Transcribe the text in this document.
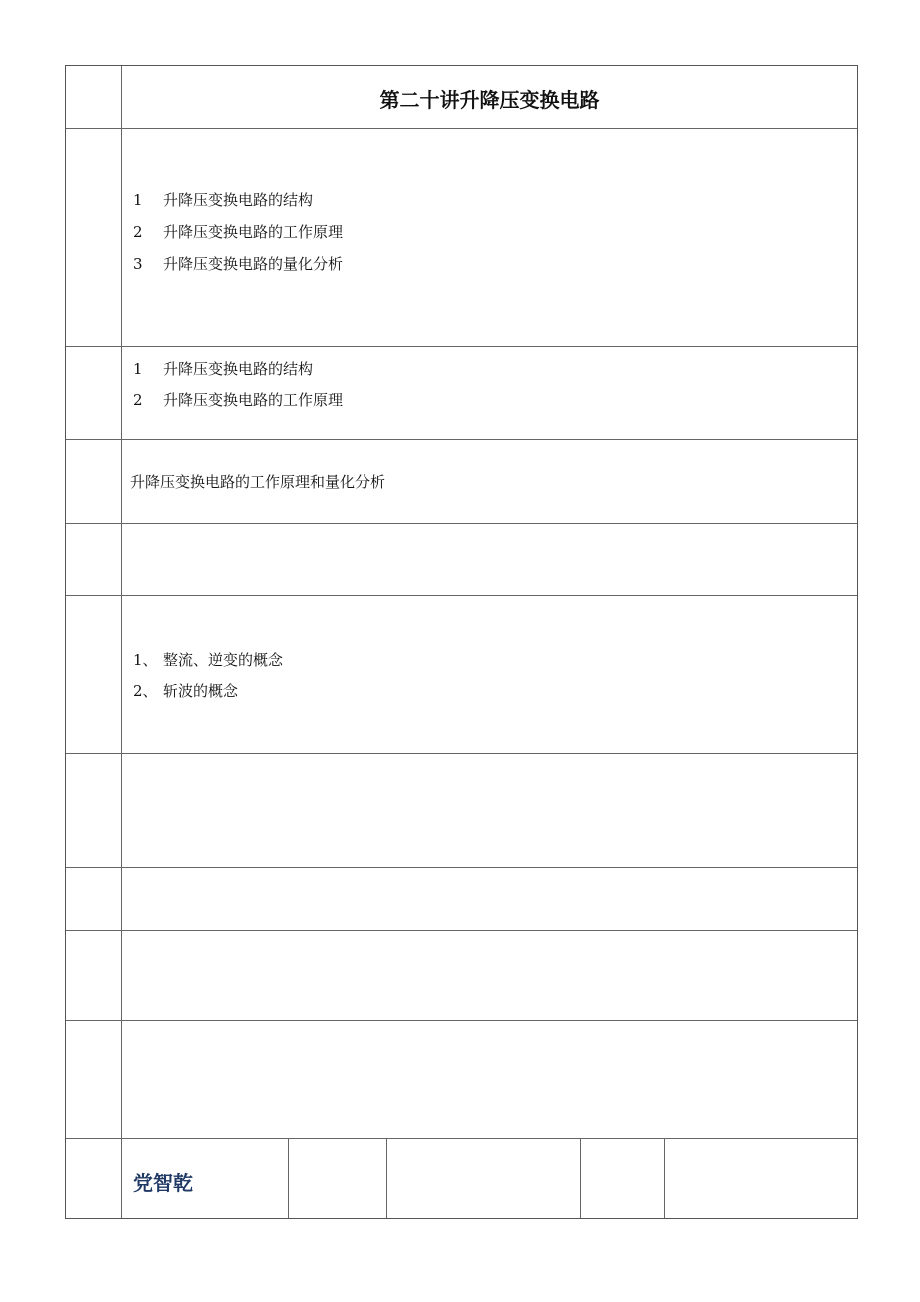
第二十讲升降压变换电路
1 升降压变换电路的结构
2 升降压变换电路的工作原理
3 升降压变换电路的量化分析
1 升降压变换电路的结构
2 升降压变换电路的工作原理
升降压变换电路的工作原理和量化分析
1、 整流、逆变的概念
2、 斩波的概念
党智乾
